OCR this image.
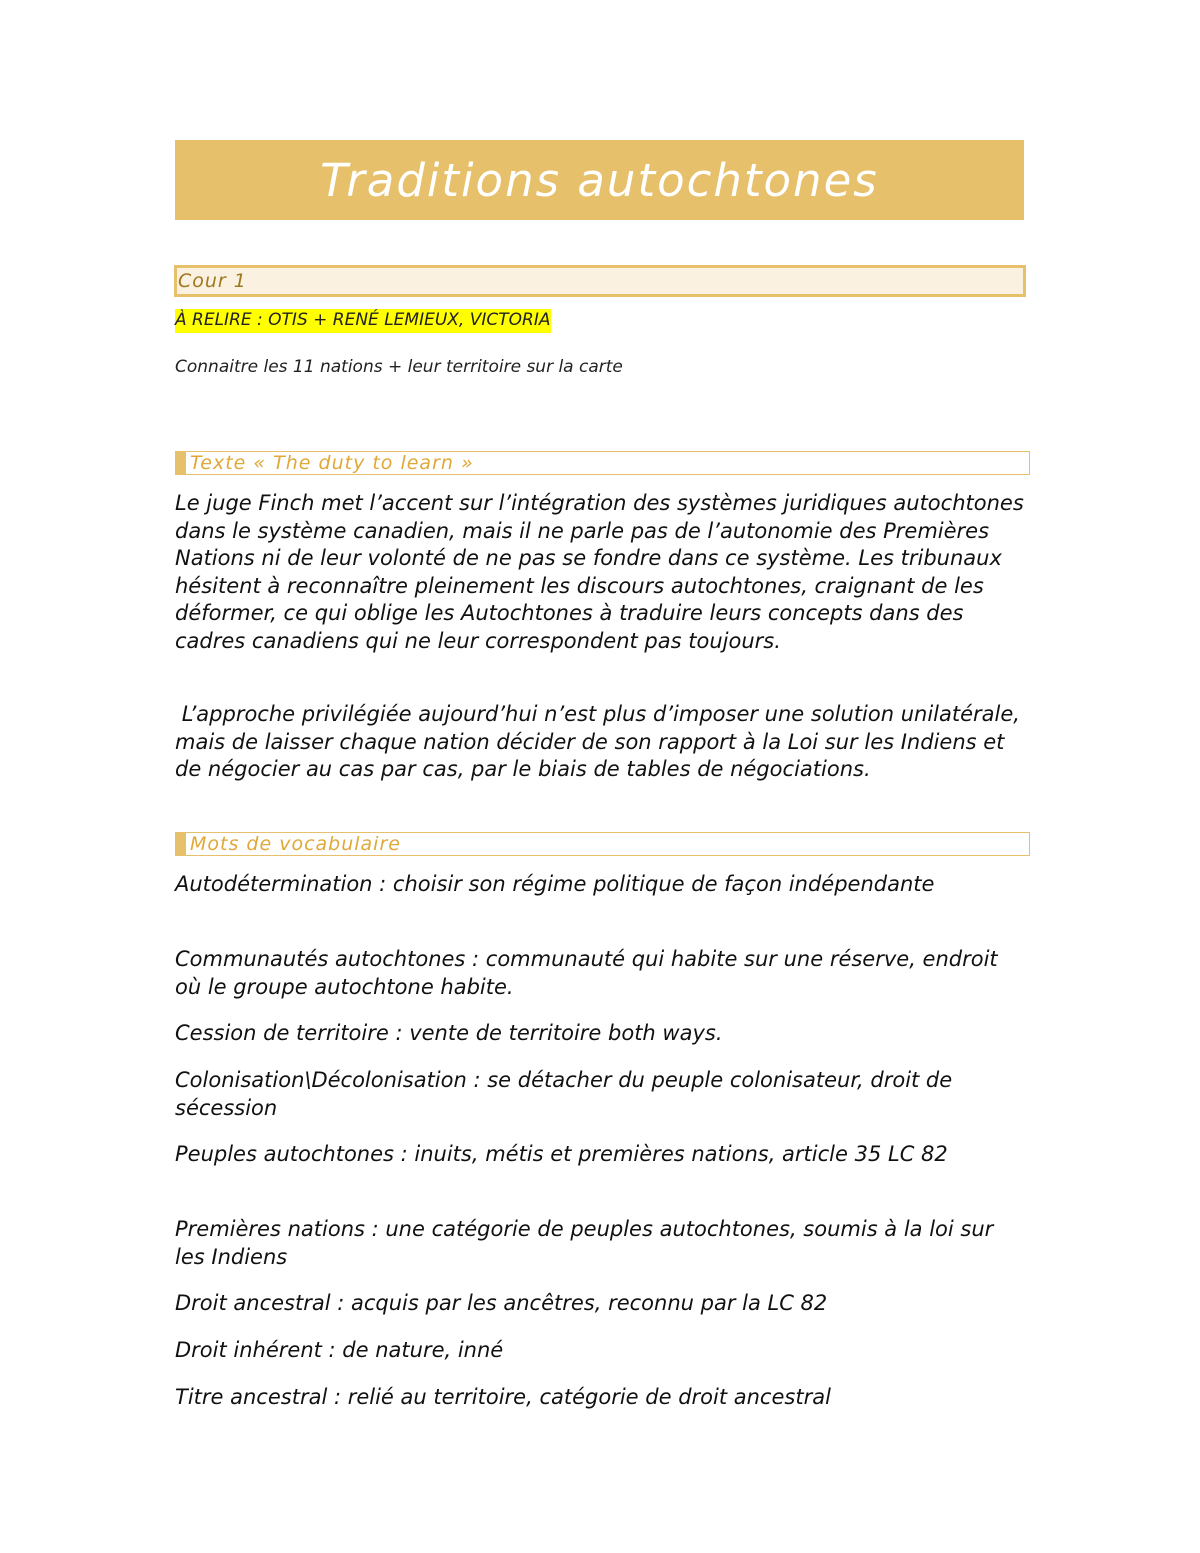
Traditions autochtones
Cour 1
À RELIRE : OTIS + RENÉ LEMIEUX, VICTORIA
Connaitre les 11 nations + leur territoire sur la carte
Texte « The duty to learn »

Le juge Finch met l’accent sur l’intégration des systèmes juridiques autochtones dans le système canadien, mais il ne parle pas de l’autonomie des Premières Nations ni de leur volonté de ne pas se fondre dans ce système. Les tribunaux hésitent à reconnaître pleinement les discours autochtones, craignant de les déformer, ce qui oblige les Autochtones à traduire leurs concepts dans des cadres canadiens qui ne leur correspondent pas toujours.

L’approche privilégiée aujourd’hui n’est plus d’imposer une solution unilatérale, mais de laisser chaque nation décider de son rapport à la Loi sur les Indiens et de négocier au cas par cas, par le biais de tables de négociations.

Mots de vocabulaire

Autodétermination : choisir son régime politique de façon indépendante

Communautés autochtones : communauté qui habite sur une réserve, endroit où le groupe autochtone habite.

Cession de territoire : vente de territoire both ways.

Colonisation\Décolonisation : se détacher du peuple colonisateur, droit de sécession

Peuples autochtones : inuits, métis et premières nations, article 35 LC 82

Premières nations : une catégorie de peuples autochtones, soumis à la loi sur les Indiens

Droit ancestral : acquis par les ancêtres, reconnu par la LC 82

Droit inhérent : de nature, inné

Titre ancestral : relié au territoire, catégorie de droit ancestral
